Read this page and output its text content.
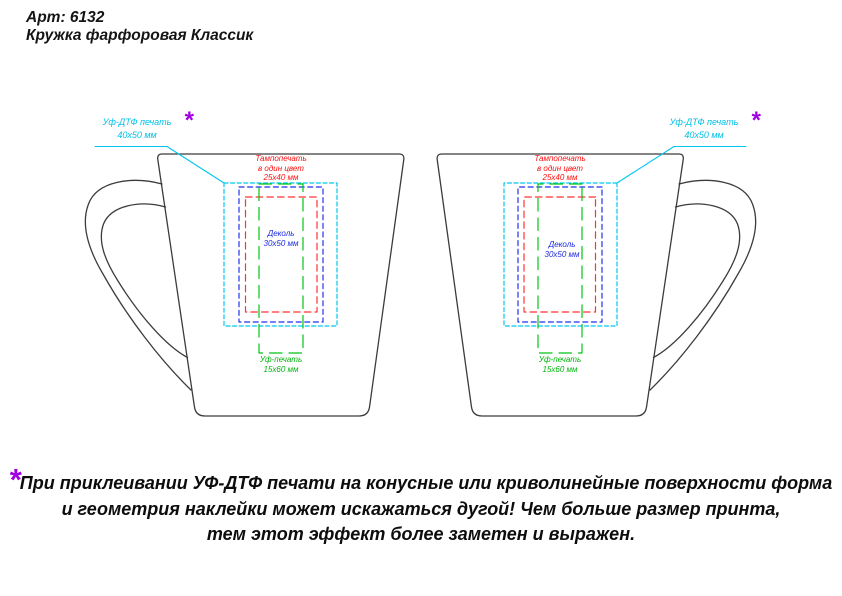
Арт: 6132
Кружка фарфоровая Классик
Уф-ДТФ печать
40x50 мм
*	Уф-ДТФ печать
40x50 мм
*
Тампопечать
в один цвет
25x40 мм
Тампопечать
в один цвет
25x40 мм
Деколь
30x50 мм	Деколь
30x50 мм
Уф-печать
15x60 мм
Уф-печать
15x60 мм
*При приклеивании УФ-ДТФ печати на конусные или криволинейные поверхности форма
и геометрия наклейки может искажаться дугой! Чем больше размер принта,
тем этот эффект более заметен и выражен.
